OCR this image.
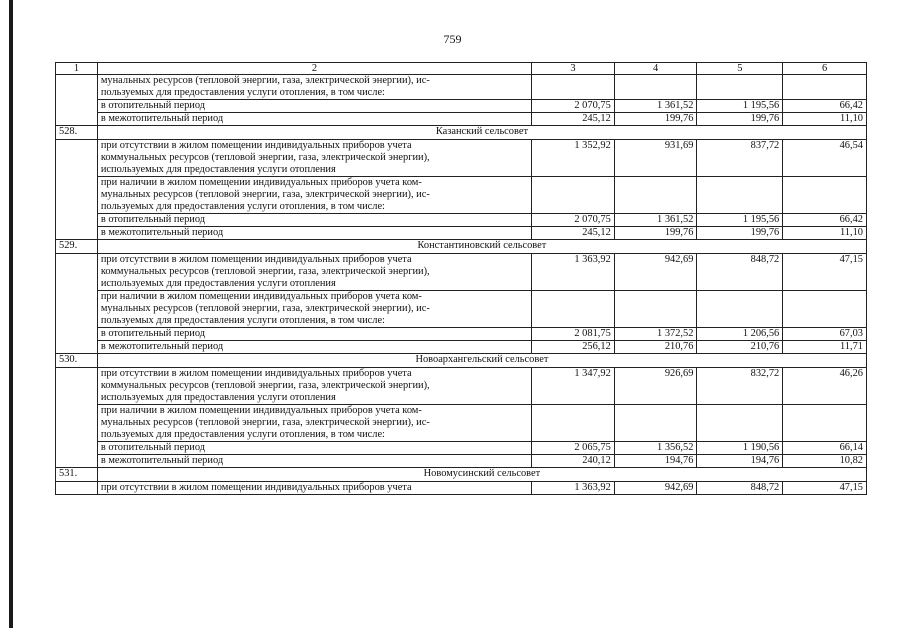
759
1	2	3	4	5	6
	мунальных ресурсов (тепловой энергии, газа, электрической энергии), ис-
пользуемых для предоставления услуги отопления, в том числе:				
	в отопительный период	2 070,75	1 361,52	1 195,56	66,42
	в межотопительный период	245,12	199,76	199,76	11,10
528.	Казанский сельсовет				
	при отсутствии в жилом помещении индивидуальных приборов учета
коммунальных ресурсов (тепловой энергии, газа, электрической энергии),
используемых для предоставления услуги отопления	1 352,92	931,69	837,72	46,54
	при наличии в жилом помещении индивидуальных приборов учета ком-
мунальных ресурсов (тепловой энергии, газа, электрической энергии), ис-
пользуемых для предоставления услуги отопления, в том числе:				
	в отопительный период	2 070,75	1 361,52	1 195,56	66,42
	в межотопительный период	245,12	199,76	199,76	11,10
529.	Константиновский сельсовет				
	при отсутствии в жилом помещении индивидуальных приборов учета
коммунальных ресурсов (тепловой энергии, газа, электрической энергии),
используемых для предоставления услуги отопления	1 363,92	942,69	848,72	47,15
	при наличии в жилом помещении индивидуальных приборов учета ком-
мунальных ресурсов (тепловой энергии, газа, электрической энергии), ис-
пользуемых для предоставления услуги отопления, в том числе:				
	в отопительный период	2 081,75	1 372,52	1 206,56	67,03
	в межотопительный период	256,12	210,76	210,76	11,71
530.	Новоархангельский сельсовет				
	при отсутствии в жилом помещении индивидуальных приборов учета
коммунальных ресурсов (тепловой энергии, газа, электрической энергии),
используемых для предоставления услуги отопления	1 347,92	926,69	832,72	46,26
	при наличии в жилом помещении индивидуальных приборов учета ком-
мунальных ресурсов (тепловой энергии, газа, электрической энергии), ис-
пользуемых для предоставления услуги отопления, в том числе:				
	в отопительный период	2 065,75	1 356,52	1 190,56	66,14
	в межотопительный период	240,12	194,76	194,76	10,82
531.	Новомусинский сельсовет				
	при отсутствии в жилом помещении индивидуальных приборов учета	1 363,92	942,69	848,72	47,15
